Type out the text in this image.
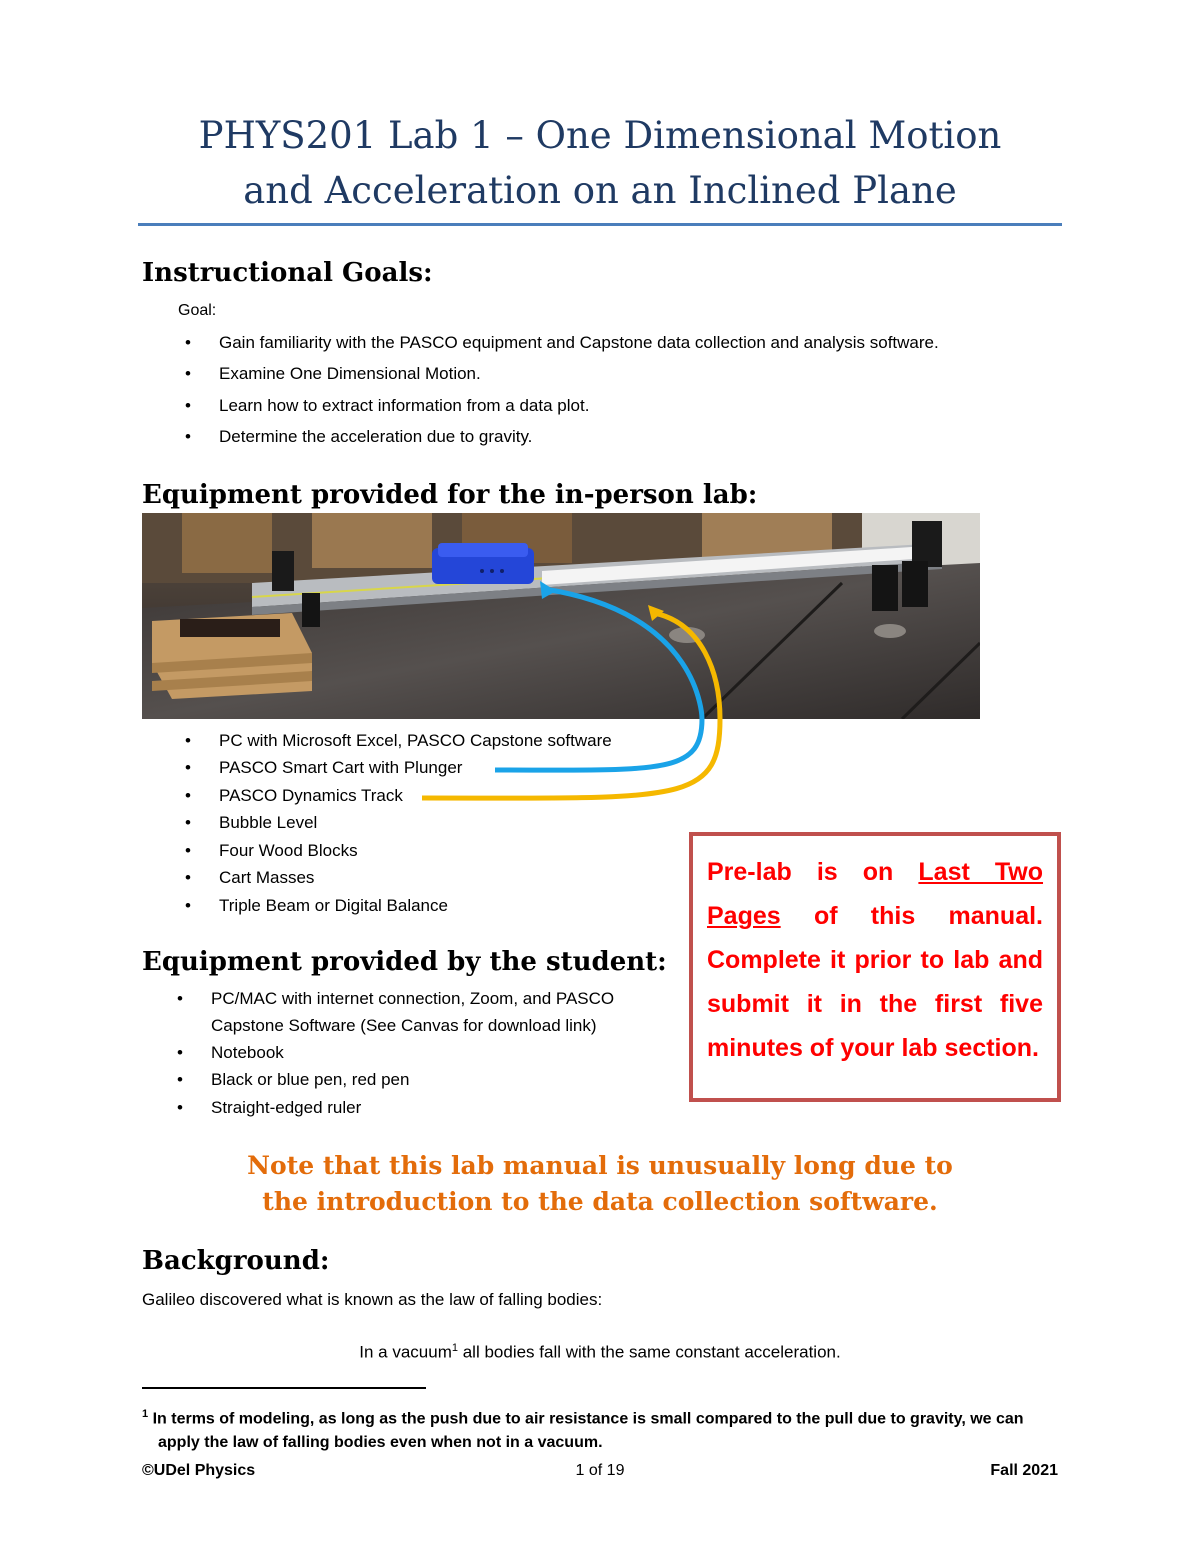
PHYS201 Lab 1 – One Dimensional Motion
and Acceleration on an Inclined Plane
Instructional Goals:
Goal:
• Gain familiarity with the PASCO equipment and Capstone data collection and analysis software.
• Examine One Dimensional Motion.
• Learn how to extract information from a data plot.
• Determine the acceleration due to gravity.
Equipment provided for the in-person lab:
• PC with Microsoft Excel, PASCO Capstone software
• PASCO Smart Cart with Plunger
• PASCO Dynamics Track
• Bubble Level
• Four Wood Blocks
• Cart Masses
• Triple Beam or Digital Balance
Equipment provided by the student:
• PC/MAC with internet connection, Zoom, and PASCO
Capstone Software (See Canvas for download link)
• Notebook
• Black or blue pen, red pen
• Straight-edged ruler
Pre-lab is on Last Two Pages of this manual. Complete it prior to lab and submit it in the first five minutes of your lab section.
Note that this lab manual is unusually long due to
the introduction to the data collection software.
Background:
Galileo discovered what is known as the law of falling bodies:
In a vacuum$^1$ all bodies fall with the same constant acceleration.
$^1$ In terms of modeling, as long as the push due to air resistance is small compared to the pull due to gravity, we can
apply the law of falling bodies even when not in a vacuum.
©UDel Physics	1 of 19	Fall 2021
